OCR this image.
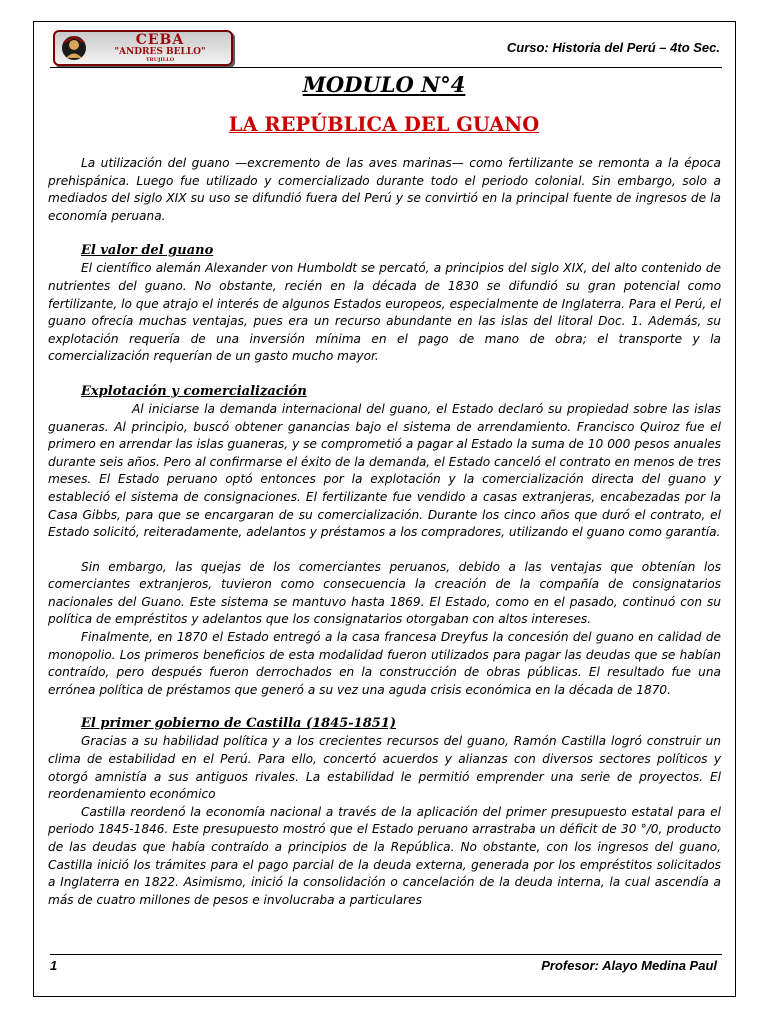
CEBA
"ANDRES BELLO"
TRUJILLO
Curso: Historia del Perú – 4to Sec.
MODULO N°4
LA REPÚBLICA DEL GUANO

La utilización del guano —excremento de las aves marinas— como fertilizante se remonta a la época prehispánica. Luego fue utilizado y comercializado durante todo el periodo colonial. Sin embargo, solo a mediados del siglo XIX su uso se difundió fuera del Perú y se convirtió en la principal fuente de ingresos de la economía peruana.

El valor del guano

El científico alemán Alexander von Humboldt se percató, a principios del siglo XIX, del alto contenido de nutrientes del guano. No obstante, recién en la década de 1830 se difundió su gran potencial como fertilizante, lo que atrajo el interés de algunos Estados europeos, especialmente de Inglaterra. Para el Perú, el guano ofrecía muchas ventajas, pues era un recurso abundante en las islas del litoral Doc. 1. Además, su explotación requería de una inversión mínima en el pago de mano de obra; el transporte y la comercialización requerían de un gasto mucho mayor.

Explotación y comercialización

Al iniciarse la demanda internacional del guano, el Estado declaró su propiedad sobre las islas guaneras. Al principio, buscó obtener ganancias bajo el sistema de arrendamiento. Francisco Quiroz fue el primero en arrendar las islas guaneras, y se comprometió a pagar al Estado la suma de 10 000 pesos anuales durante seis años. Pero al confirmarse el éxito de la demanda, el Estado canceló el contrato en menos de tres meses. El Estado peruano optó entonces por la explotación y la comercialización directa del guano y estableció el sistema de consignaciones. El fertilizante fue vendido a casas extranjeras, encabezadas por la Casa Gibbs, para que se encargaran de su comercialización. Durante los cinco años que duró el contrato, el Estado solicitó, reiteradamente, adelantos y préstamos a los compradores, utilizando el guano como garantía.

Sin embargo, las quejas de los comerciantes peruanos, debido a las ventajas que obtenían los comerciantes extranjeros, tuvieron como consecuencia la creación de la compañía de consignatarios nacionales del Guano. Este sistema se mantuvo hasta 1869. El Estado, como en el pasado, continuó con su política de empréstitos y adelantos que los consignatarios otorgaban con altos intereses.

Finalmente, en 1870 el Estado entregó a la casa francesa Dreyfus la concesión del guano en calidad de monopolio. Los primeros beneficios de esta modalidad fueron utilizados para pagar las deudas que se habían contraído, pero después fueron derrochados en la construcción de obras públicas. El resultado fue una errónea política de préstamos que generó a su vez una aguda crisis económica en la década de 1870.

El primer gobierno de Castilla (1845-1851)

Gracias a su habilidad política y a los crecientes recursos del guano, Ramón Castilla logró construir un clima de estabilidad en el Perú. Para ello, concertó acuerdos y alianzas con diversos sectores políticos y otorgó amnistía a sus antiguos rivales. La estabilidad le permitió emprender una serie de proyectos. El reordenamiento económico

Castilla reordenó la economía nacional a través de la aplicación del primer presupuesto estatal para el periodo 1845-1846. Este presupuesto mostró que el Estado peruano arrastraba un déficit de 30 °/0, producto de las deudas que había contraído a principios de la República. No obstante, con los ingresos del guano, Castilla inició los trámites para el pago parcial de la deuda externa, generada por los empréstitos solicitados a Inglaterra en 1822. Asimismo, inició la consolidación o cancelación de la deuda interna, la cual ascendía a más de cuatro millones de pesos e involucraba a particulares

1	Profesor: Alayo Medina Paul
